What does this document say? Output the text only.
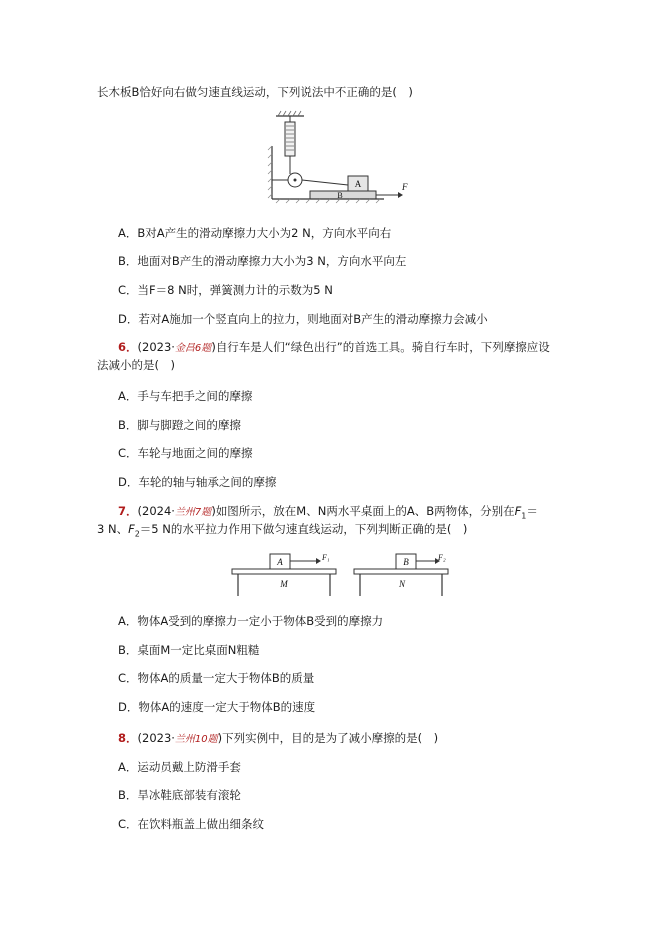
长木板B恰好向右做匀速直线运动，下列说法中不正确的是(　)
A
B
F
A．B对A产生的滑动摩擦力大小为2 N，方向水平向右
B．地面对B产生的滑动摩擦力大小为3 N，方向水平向左
C．当F＝8 N时，弹簧测力计的示数为5 N
D．若对A施加一个竖直向上的拉力，则地面对B产生的滑动摩擦力会减小
6．(2023·金昌6题)自行车是人们“绿色出行”的首选工具。骑自行车时，下列摩擦应设
法减小的是(　)
A．手与车把手之间的摩擦
B．脚与脚蹬之间的摩擦
C．车轮与地面之间的摩擦
D．车轮的轴与轴承之间的摩擦
7．(2024·兰州7题)如图所示，放在M、N两水平桌面上的A、B两物体，分别在$F_1=$
3 N、$F_2=5$ N的水平拉力作用下做匀速直线运动，下列判断正确的是(　)
A	F₁
M
B	F₂
N
A．物体A受到的摩擦力一定小于物体B受到的摩擦力
B．桌面M一定比桌面N粗糙
C．物体A的质量一定大于物体B的质量
D．物体A的速度一定大于物体B的速度
8．(2023·兰州10题)下列实例中，目的是为了减小摩擦的是(　)
A．运动员戴上防滑手套
B．旱冰鞋底部装有滚轮
C．在饮料瓶盖上做出细条纹
